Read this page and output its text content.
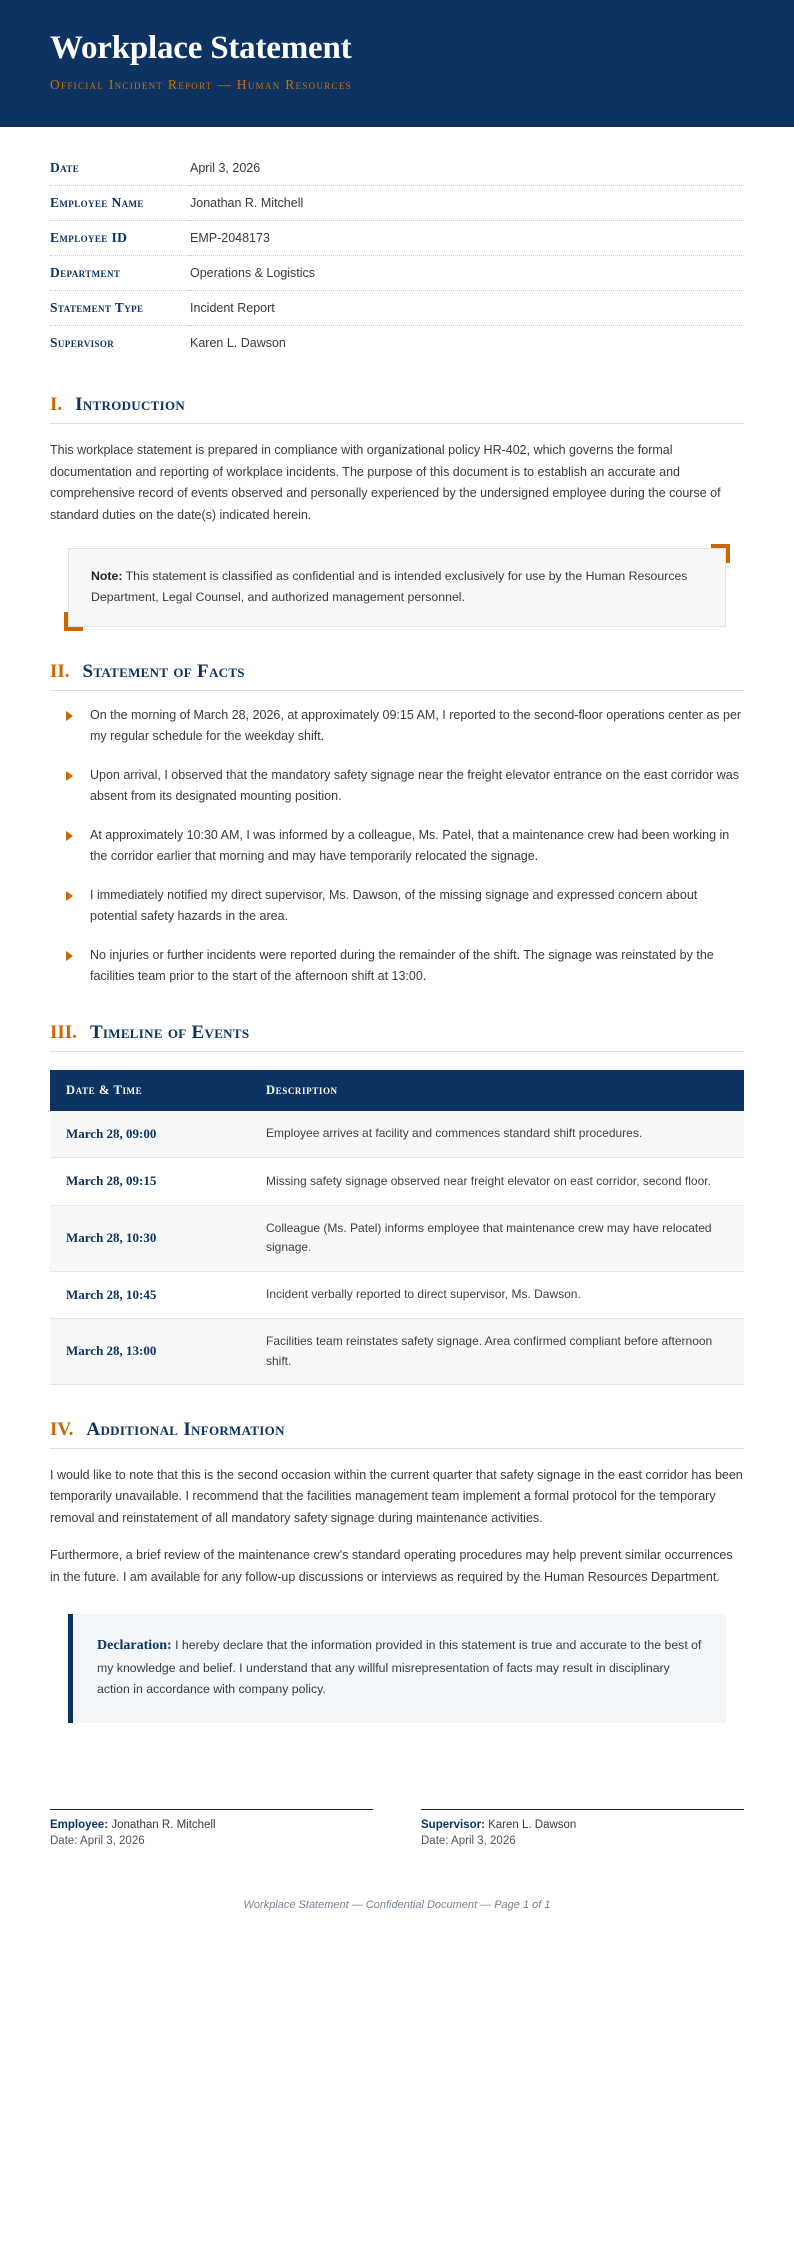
Workplace Statement
Official Incident Report — Human Resources
Date	April 3, 2026
Employee Name	Jonathan R. Mitchell
Employee ID	EMP-2048173
Department	Operations & Logistics
Statement Type	Incident Report
Supervisor	Karen L. Dawson
I. Introduction

This workplace statement is prepared in compliance with organizational policy HR-402, which governs the formal documentation and reporting of workplace incidents. The purpose of this document is to establish an accurate and comprehensive record of events observed and personally experienced by the undersigned employee during the course of standard duties on the date(s) indicated herein.

Note: This statement is classified as confidential and is intended exclusively for use by the Human Resources Department, Legal Counsel, and authorized management personnel.
II. Statement of Facts
On the morning of March 28, 2026, at approximately 09:15 AM, I reported to the second-floor operations center as per my regular schedule for the weekday shift.
Upon arrival, I observed that the mandatory safety signage near the freight elevator entrance on the east corridor was absent from its designated mounting position.
At approximately 10:30 AM, I was informed by a colleague, Ms. Patel, that a maintenance crew had been working in the corridor earlier that morning and may have temporarily relocated the signage.
I immediately notified my direct supervisor, Ms. Dawson, of the missing signage and expressed concern about potential safety hazards in the area.
No injuries or further incidents were reported during the remainder of the shift. The signage was reinstated by the facilities team prior to the start of the afternoon shift at 13:00.
III. Timeline of Events
Date & Time	Description
March 28, 09:00	Employee arrives at facility and commences standard shift procedures.
March 28, 09:15	Missing safety signage observed near freight elevator on east corridor, second floor.
March 28, 10:30	Colleague (Ms. Patel) informs employee that maintenance crew may have relocated signage.
March 28, 10:45	Incident verbally reported to direct supervisor, Ms. Dawson.
March 28, 13:00	Facilities team reinstates safety signage. Area confirmed compliant before afternoon shift.
IV. Additional Information

I would like to note that this is the second occasion within the current quarter that safety signage in the east corridor has been temporarily unavailable. I recommend that the facilities management team implement a formal protocol for the temporary removal and reinstatement of all mandatory safety signage during maintenance activities.

Furthermore, a brief review of the maintenance crew's standard operating procedures may help prevent similar occurrences in the future. I am available for any follow-up discussions or interviews as required by the Human Resources Department.

Declaration: I hereby declare that the information provided in this statement is true and accurate to the best of my knowledge and belief. I understand that any willful misrepresentation of facts may result in disciplinary action in accordance with company policy.
Employee: Jonathan R. Mitchell
Date: April 3, 2026
Supervisor: Karen L. Dawson
Date: April 3, 2026
Workplace Statement — Confidential Document — Page 1 of 1
